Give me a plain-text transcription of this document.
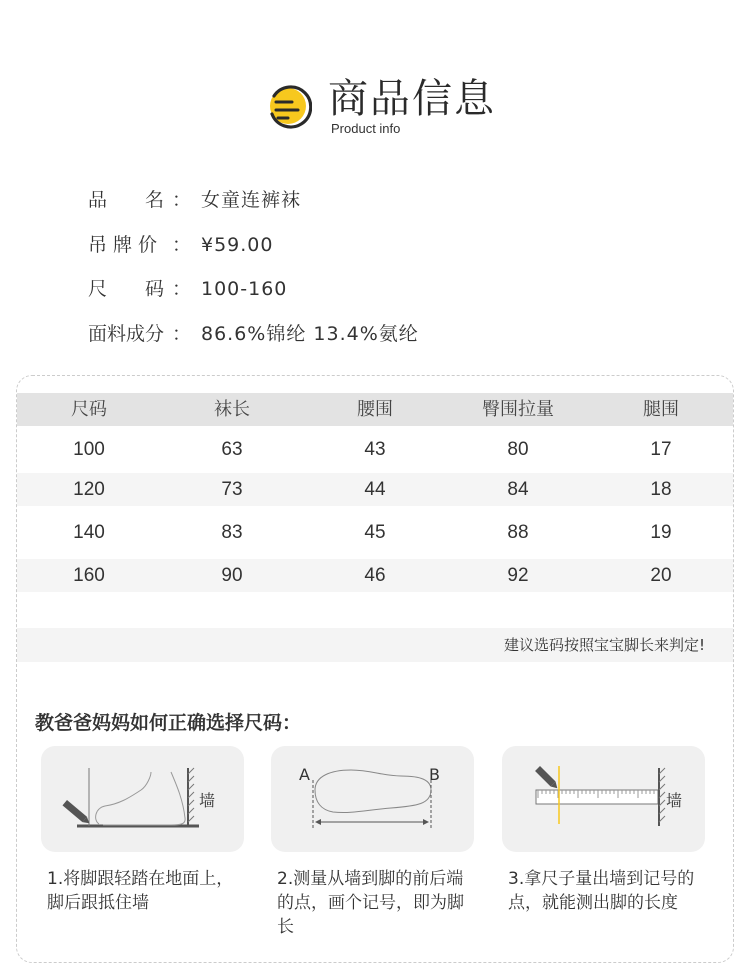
商品信息
Product info
品　　名 ： 女童连裤袜
吊牌价 ： ¥59.00
尺　　码 ： 100-160
面料成分 ： 86.6%锦纶 13.4%氨纶
尺码	袜长	腰围	臀围拉量	腿围
100	63	43	80	17
120	73	44	84	18
140	83	45	88	19
160	90	46	92	20
建议选码按照宝宝脚长来判定!
教爸爸妈妈如何正确选择尺码：
墙
1.将脚跟轻踏在地面上，脚后跟抵住墙
A	B
2.测量从墙到脚的前后端的点，画个记号，即为脚长
墙
3.拿尺子量出墙到记号的点，就能测出脚的长度
